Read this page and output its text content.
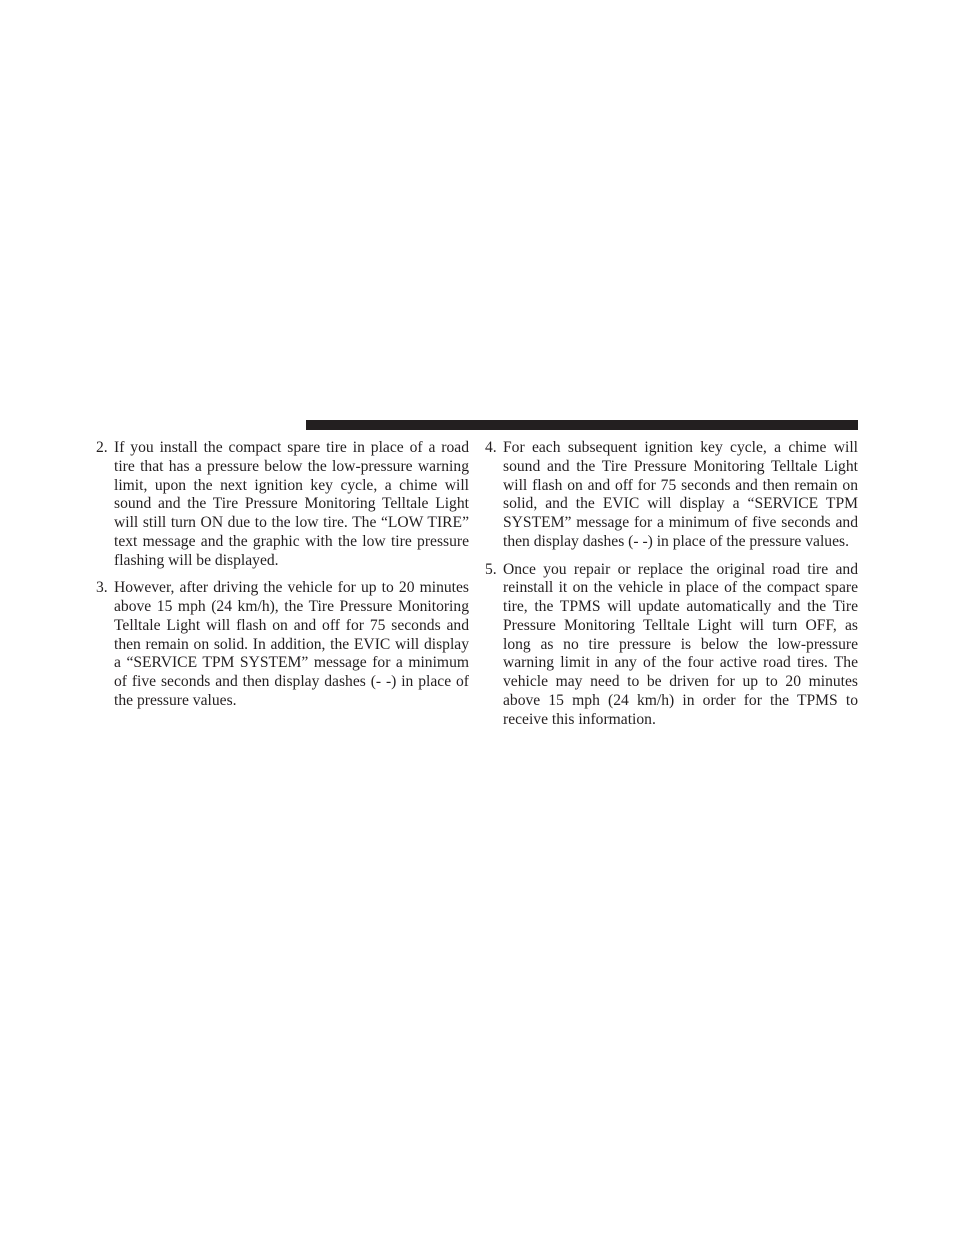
2. If you install the compact spare tire in place of a road tire that has a pressure below the low-pressure warning limit, upon the next ignition key cycle, a chime will sound and the Tire Pressure Monitoring Telltale Light will still turn ON due to the low tire. The “LOW TIRE” text message and the graphic with the low tire pressure flashing will be displayed.
3. However, after driving the vehicle for up to 20 minutes above 15 mph (24 km/h), the Tire Pressure Monitoring Telltale Light will flash on and off for 75 seconds and then remain on solid. In addition, the EVIC will display a “SERVICE TPM SYSTEM” message for a minimum of five seconds and then display dashes (- -) in place of the pressure values.
4. For each subsequent ignition key cycle, a chime will sound and the Tire Pressure Monitoring Telltale Light will flash on and off for 75 seconds and then remain on solid, and the EVIC will display a “SERVICE TPM SYSTEM” message for a minimum of five seconds and then display dashes (- -) in place of the pressure values.
5. Once you repair or replace the original road tire and reinstall it on the vehicle in place of the compact spare tire, the TPMS will update automatically and the Tire Pressure Monitoring Telltale Light will turn OFF, as long as no tire pressure is below the low-pressure warning limit in any of the four active road tires. The vehicle may need to be driven for up to 20 minutes above 15 mph (24 km/h) in order for the TPMS to receive this information.
